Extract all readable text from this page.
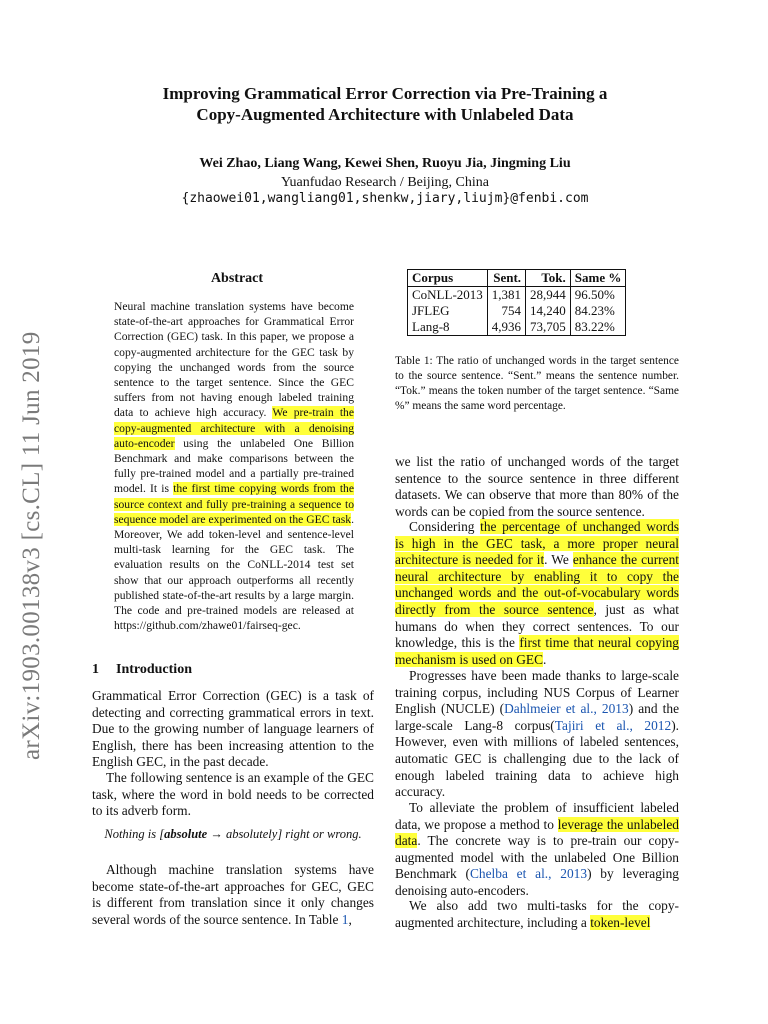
arXiv:1903.00138v3 [cs.CL] 11 Jun 2019
Improving Grammatical Error Correction via Pre-Training a
Copy-Augmented Architecture with Unlabeled Data
Wei Zhao, Liang Wang, Kewei Shen, Ruoyu Jia, Jingming Liu
Yuanfudao Research / Beijing, China
{zhaowei01,wangliang01,shenkw,jiary,liujm}@fenbi.com
Abstract
Neural machine translation systems have become state-of-the-art approaches for Grammatical Error Correction (GEC) task. In this paper, we propose a copy-augmented architecture for the GEC task by copying the unchanged words from the source sentence to the target sentence. Since the GEC suffers from not having enough labeled training data to achieve high accuracy. We pre-train the copy-augmented architecture with a denoising auto-encoder using the unlabeled One Billion Benchmark and make comparisons between the fully pre-trained model and a partially pre-trained model. It is the first time copying words from the source context and fully pre-training a sequence to sequence model are experimented on the GEC task. Moreover, We add token-level and sentence-level multi-task learning for the GEC task. The evaluation results on the CoNLL-2014 test set show that our approach outperforms all recently published state-of-the-art results by a large margin. The code and pre-trained models are released at https://github.com/zhawe01/fairseq-gec.
1 Introduction
Grammatical Error Correction (GEC) is a task of detecting and correcting grammatical errors in text. Due to the growing number of language learners of English, there has been increasing attention to the English GEC, in the past decade.
The following sentence is an example of the GEC task, where the word in bold needs to be corrected to its adverb form.
Nothing is [absolute → absolutely] right or wrong.
Although machine translation systems have become state-of-the-art approaches for GEC, GEC is different from translation since it only changes several words of the source sentence. In Table 1,
Corpus	Sent.	Tok.	Same %
CoNLL-2013	1,381	28,944	96.50%
JFLEG	754	14,240	84.23%
Lang-8	4,936	73,705	83.22%
Table 1: The ratio of unchanged words in the target sentence to the source sentence. “Sent.” means the sentence number. “Tok.” means the token number of the target sentence. “Same %” means the same word percentage.
we list the ratio of unchanged words of the target sentence to the source sentence in three different datasets. We can observe that more than 80% of the words can be copied from the source sentence.
Considering the percentage of unchanged words is high in the GEC task, a more proper neural architecture is needed for it. We enhance the current neural architecture by enabling it to copy the unchanged words and the out-of-vocabulary words directly from the source sentence, just as what humans do when they correct sentences. To our knowledge, this is the first time that neural copying mechanism is used on GEC.
Progresses have been made thanks to large-scale training corpus, including NUS Corpus of Learner English (NUCLE) (Dahlmeier et al., 2013) and the large-scale Lang-8 corpus(Tajiri et al., 2012). However, even with millions of labeled sentences, automatic GEC is challenging due to the lack of enough labeled training data to achieve high accuracy.
To alleviate the problem of insufficient labeled data, we propose a method to leverage the unlabeled data. The concrete way is to pre-train our copy-augmented model with the unlabeled One Billion Benchmark (Chelba et al., 2013) by leveraging denoising auto-encoders.
We also add two multi-tasks for the copy-augmented architecture, including a token-level
